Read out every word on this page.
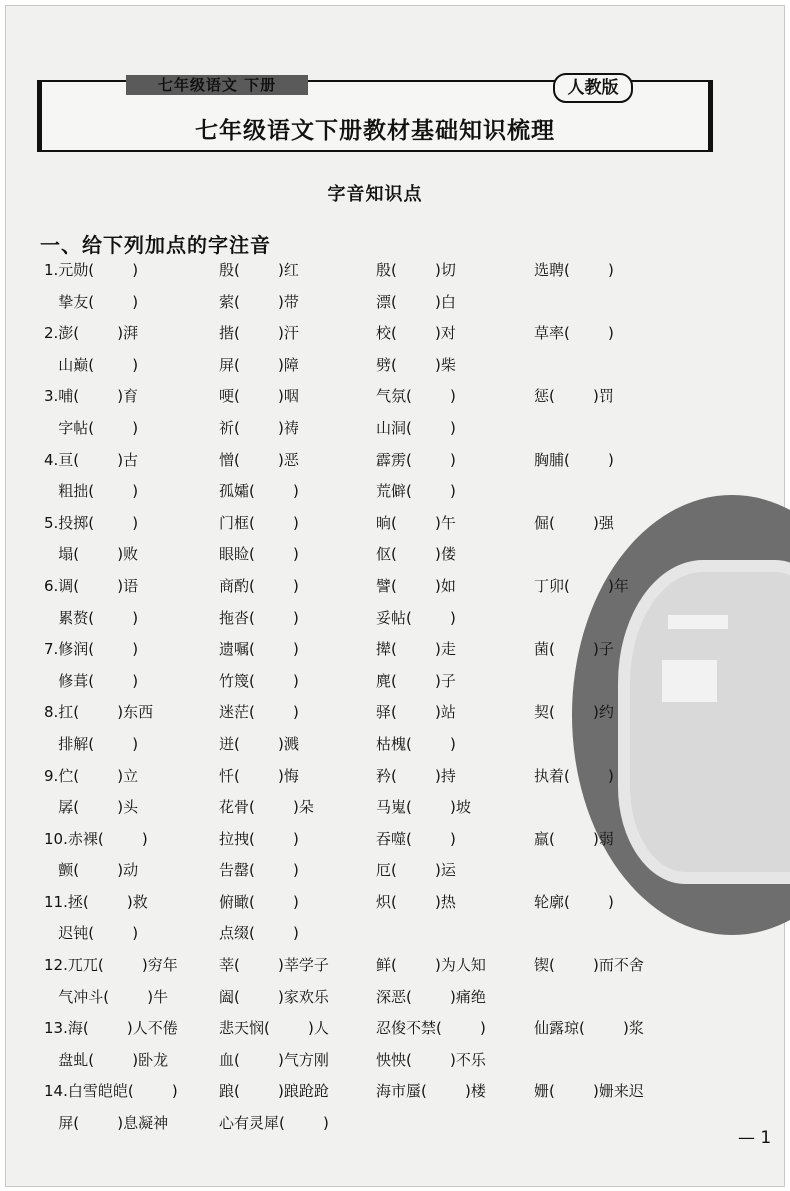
七年级语文 下册	人教版
七年级语文下册教材基础知识梳理
字音知识点
一、给下列加点的字注音
1.元勋(        )	殷(        )红	殷(        )切	选聘(        )
挚友(        )	萦(        )带	漂(        )白
2.澎(        )湃	揩(        )汗	校(        )对	草率(        )
山巅(        )	屏(        )障	劈(        )柴
3.哺(        )育	哽(        )咽	气氛(        )	惩(        )罚
字帖(        )	祈(        )祷	山洞(        )
4.亘(        )古	憎(        )恶	霹雳(        )	胸脯(        )
粗拙(        )	孤孀(        )	荒僻(        )
5.投掷(        )	门框(        )	晌(        )午	倔(        )强
塌(        )败	眼睑(        )	伛(        )偻
6.调(        )语	商酌(        )	譬(        )如	丁卯(        )年
累赘(        )	拖沓(        )	妥帖(        )
7.修润(        )	遗嘱(        )	撵(        )走	菌(        )子
修葺(        )	竹篾(        )	麂(        )子
8.扛(        )东西	迷茫(        )	驿(        )站	契(        )约
排解(        )	迸(        )溅	枯槐(        )
9.伫(        )立	忏(        )悔	矜(        )持	执着(        )
孱(        )头	花骨(        )朵	马嵬(        )坡
10.赤裸(        )	拉拽(        )	吞噬(        )	羸(        )弱
颤(        )动	告罄(        )	厄(        )运
11.拯(        )救	俯瞰(        )	炽(        )热	轮廓(        )
迟钝(        )	点缀(        )
12.兀兀(        )穷年	莘(        )莘学子	鲜(        )为人知	锲(        )而不舍
气冲斗(        )牛	阖(        )家欢乐	深恶(        )痛绝
13.海(        )人不倦	悲天悯(        )人	忍俊不禁(        )	仙露琼(        )浆
盘虬(        )卧龙	血(        )气方刚	怏怏(        )不乐
14.白雪皑皑(        )	踉(        )踉跄跄	海市蜃(        )楼	姗(        )姗来迟
屏(        )息凝神	心有灵犀(        )
— 1
